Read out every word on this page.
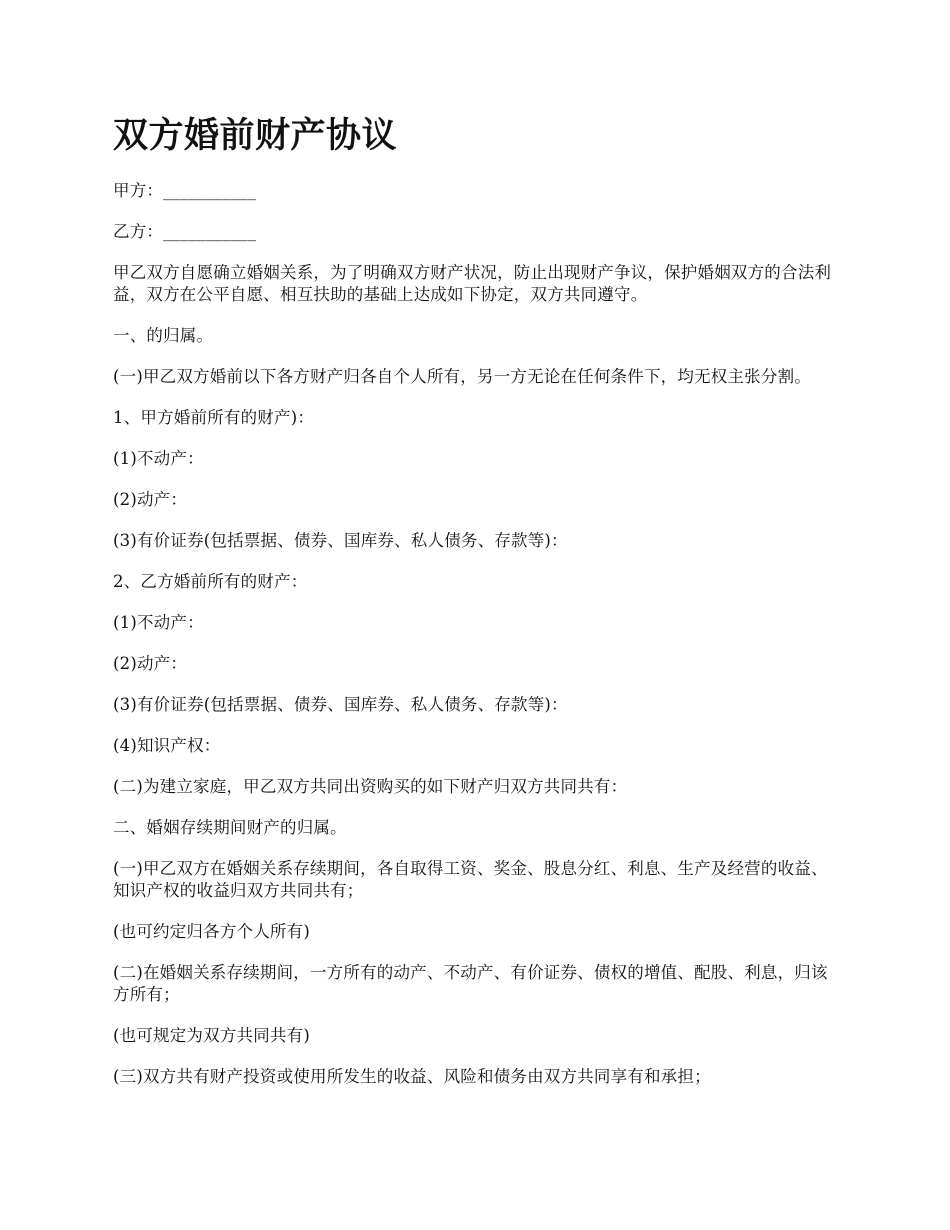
双方婚前财产协议

甲方：___________

乙方：___________

甲乙双方自愿确立婚姻关系，为了明确双方财产状况，防止出现财产争议，保护婚姻双方的合法利益，双方在公平自愿、相互扶助的基础上达成如下协定，双方共同遵守。

一、的归属。

(一)甲乙双方婚前以下各方财产归各自个人所有，另一方无论在任何条件下，均无权主张分割。

1、甲方婚前所有的财产)：

(1)不动产：

(2)动产：

(3)有价证券(包括票据、债券、国库券、私人债务、存款等)：

2、乙方婚前所有的财产：

(1)不动产：

(2)动产：

(3)有价证券(包括票据、债券、国库券、私人债务、存款等)：

(4)知识产权：

(二)为建立家庭，甲乙双方共同出资购买的如下财产归双方共同共有：

二、婚姻存续期间财产的归属。

(一)甲乙双方在婚姻关系存续期间，各自取得工资、奖金、股息分红、利息、生产及经营的收益、知识产权的收益归双方共同共有；

(也可约定归各方个人所有)

(二)在婚姻关系存续期间，一方所有的动产、不动产、有价证券、债权的增值、配股、利息，归该方所有；

(也可规定为双方共同共有)

(三)双方共有财产投资或使用所发生的收益、风险和债务由双方共同享有和承担；
